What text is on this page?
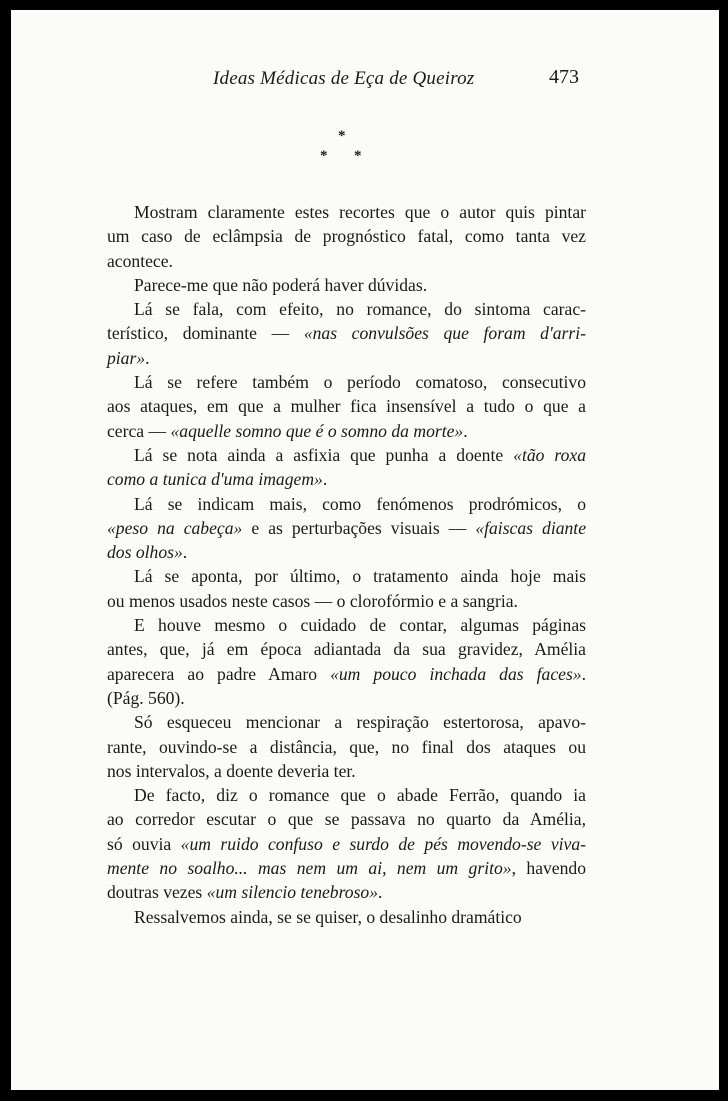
Ideas Médicas de Eça de Queiroz	473
*
* *
Mostram claramente estes recortes que o autor quis pintar
um caso de eclâmpsia de prognóstico fatal, como tanta vez
acontece.
Parece-me que não poderá haver dúvidas.
Lá se fala, com efeito, no romance, do sintoma carac-
terístico, dominante — «nas convulsões que foram d'arri-
piar».
Lá se refere também o período comatoso, consecutivo
aos ataques, em que a mulher fica insensível a tudo o que a
cerca — «aquelle somno que é o somno da morte».
Lá se nota ainda a asfixia que punha a doente «tão roxa
como a tunica d'uma imagem».
Lá se indicam mais, como fenómenos prodrómicos, o
«peso na cabeça» e as perturbações visuais — «faiscas diante
dos olhos».
Lá se aponta, por último, o tratamento ainda hoje mais
ou menos usados neste casos — o clorofórmio e a sangria.
E houve mesmo o cuidado de contar, algumas páginas
antes, que, já em época adiantada da sua gravidez, Amélia
aparecera ao padre Amaro «um pouco inchada das faces».
(Pág. 560).
Só esqueceu mencionar a respiração estertorosa, apavo-
rante, ouvindo-se a distância, que, no final dos ataques ou
nos intervalos, a doente deveria ter.
De facto, diz o romance que o abade Ferrão, quando ia
ao corredor escutar o que se passava no quarto da Amélia,
só ouvia «um ruido confuso e surdo de pés movendo-se viva-
mente no soalho... mas nem um ai, nem um grito», havendo
doutras vezes «um silencio tenebroso».
Ressalvemos ainda, se se quiser, o desalinho dramático
